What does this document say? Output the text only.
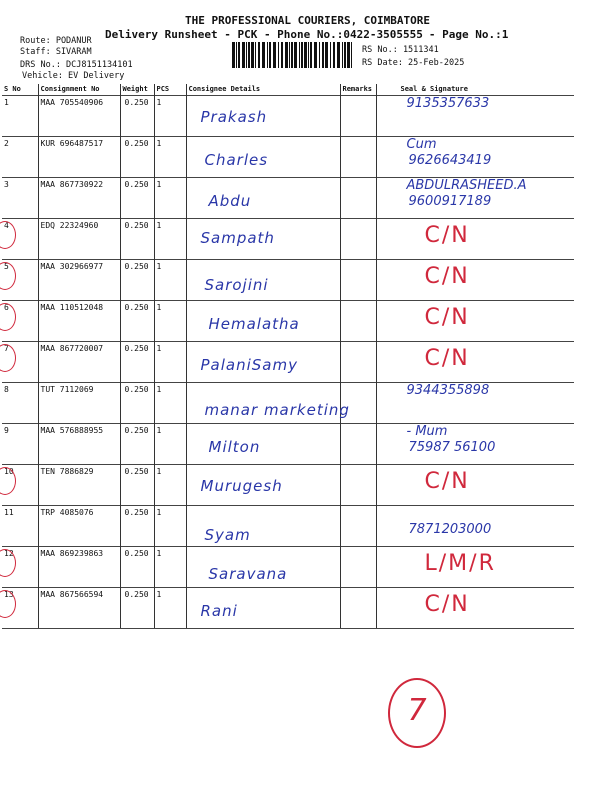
THE PROFESSIONAL COURIERS, COIMBATORE
Delivery Runsheet - PCK - Phone No.:0422-3505555 - Page No.:1
Route: PODANUR
Staff: SIVARAM
DRS No.: DCJ8151134101
Vehicle: EV Delivery
RS No.: 1511341
RS Date: 25-Feb-2025
S No	Consignment No	Weight	PCS	Consignee Details	Remarks	Seal & Signature
1	MAA 705540906	0.250	1	Prakash		9135357633

2	KUR 696487517	0.250	1	Charles		Cum
9626643419

3	MAA 867730922	0.250	1	Abdu		ABDULRASHEED.A
9600917189

4	EDQ 22324960	0.250	1	Sampath		C/N

5	MAA 302966977	0.250	1	Sarojini		C/N

6	MAA 110512048	0.250	1	Hemalatha		C/N

7	MAA 867720007	0.250	1	PalaniSamy		C/N

8	TUT 7112069	0.250	1	manar marketing		9344355898

9	MAA 576888955	0.250	1	Milton		- Mum
75987 56100

10	TEN 7886829	0.250	1	Murugesh		C/N

11	TRP 4085076	0.250	1	Syam		7871203000

12	MAA 869239863	0.250	1	Saravana		L/M/R

13	MAA 867566594	0.250	1	Rani		C/N
7
